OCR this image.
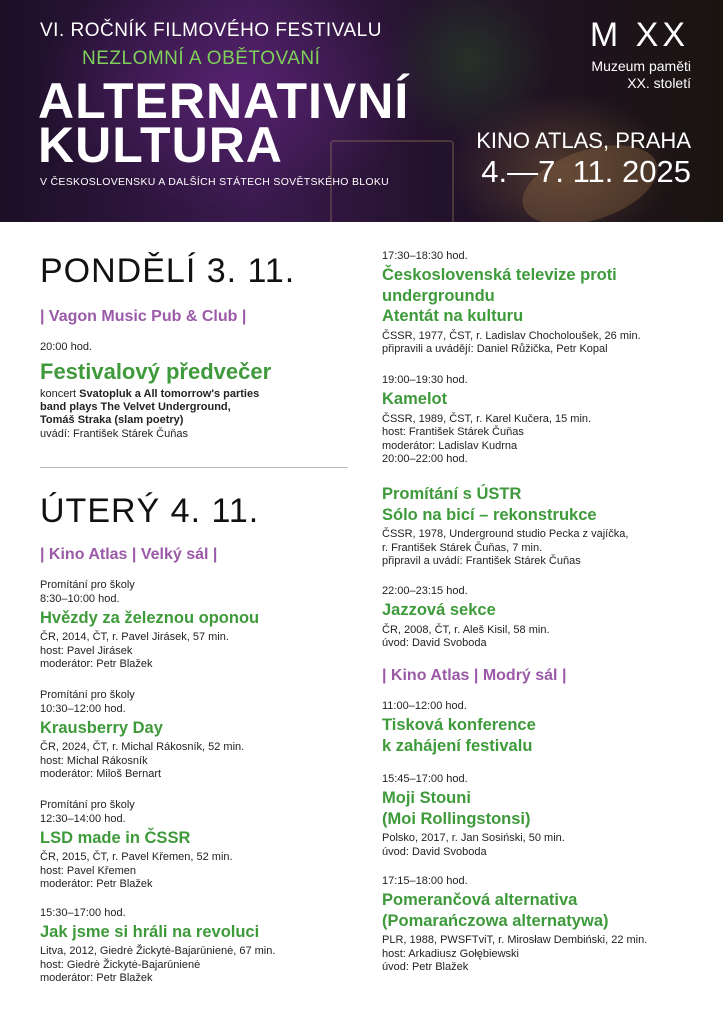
VI. ROČNÍK FILMOVÉHO FESTIVALU
NEZLOMNÍ A OBĚTOVANÍ
ALTERNATIVNÍ
KULTURA
V ČESKOSLOVENSKU A DALŠÍCH STÁTECH SOVĚTSKÉHO BLOKU
M XX
Muzeum paměti
XX. století
KINO ATLAS, PRAHA
4.—7. 11. 2025
PONDĚLÍ 3. 11.
| Vagon Music Pub & Club |
20:00 hod.
Festivalový předvečer
koncert Svatopluk a All tomorrow's parties
band plays The Velvet Underground,
Tomáš Straka (slam poetry)
uvádí: František Stárek Čuňas
ÚTERÝ 4. 11.
| Kino Atlas | Velký sál |
Promítání pro školy
8:30–10:00 hod.
Hvězdy za železnou oponou
ČR, 2014, ČT, r. Pavel Jirásek, 57 min.
host: Pavel Jirásek
moderátor: Petr Blažek
Promítání pro školy
10:30–12:00 hod.
Krausberry Day
ČR, 2024, ČT, r. Michal Rákosník, 52 min.
host: Michal Rákosník
moderátor: Miloš Bernart
Promítání pro školy
12:30–14:00 hod.
LSD made in ČSSR
ČR, 2015, ČT, r. Pavel Křemen, 52 min.
host: Pavel Křemen
moderátor: Petr Blažek
15:30–17:00 hod.
Jak jsme si hráli na revoluci
Litva, 2012, Giedrė Žickytė-Bajarūnienė, 67 min.
host: Giedrė Žickytė-Bajarūnienė
moderátor: Petr Blažek
17:30–18:30 hod.
Československá televize proti
undergroundu
Atentát na kulturu
ČSSR, 1977, ČST, r. Ladislav Chocholoušek, 26 min.
připravili a uvádějí: Daniel Růžička, Petr Kopal
19:00–19:30 hod.
Kamelot
ČSSR, 1989, ČST, r. Karel Kučera, 15 min.
host: František Stárek Čuňas
moderátor: Ladislav Kudrna
20:00–22:00 hod.
Promítání s ÚSTR
Sólo na bicí – rekonstrukce
ČSSR, 1978, Underground studio Pecka z vajíčka,
r. František Stárek Čuňas, 7 min.
připravil a uvádí: František Stárek Čuňas
22:00–23:15 hod.
Jazzová sekce
ČR, 2008, ČT, r. Aleš Kisil, 58 min.
úvod: David Svoboda
11:00–12:00 hod.
Tisková konference
k zahájení festivalu
15:45–17:00 hod.
Moji Stouni
(Moi Rollingstonsi)
Polsko, 2017, r. Jan Sosiński, 50 min.
úvod: David Svoboda
17:15–18:00 hod.
Pomerančová alternativa
(Pomarańczowa alternatywa)
PLR, 1988, PWSFTviT, r. Mirosław Dembiński, 22 min.
host: Arkadiusz Gołębiewski
úvod: Petr Blažek
| Kino Atlas | Modrý sál |
